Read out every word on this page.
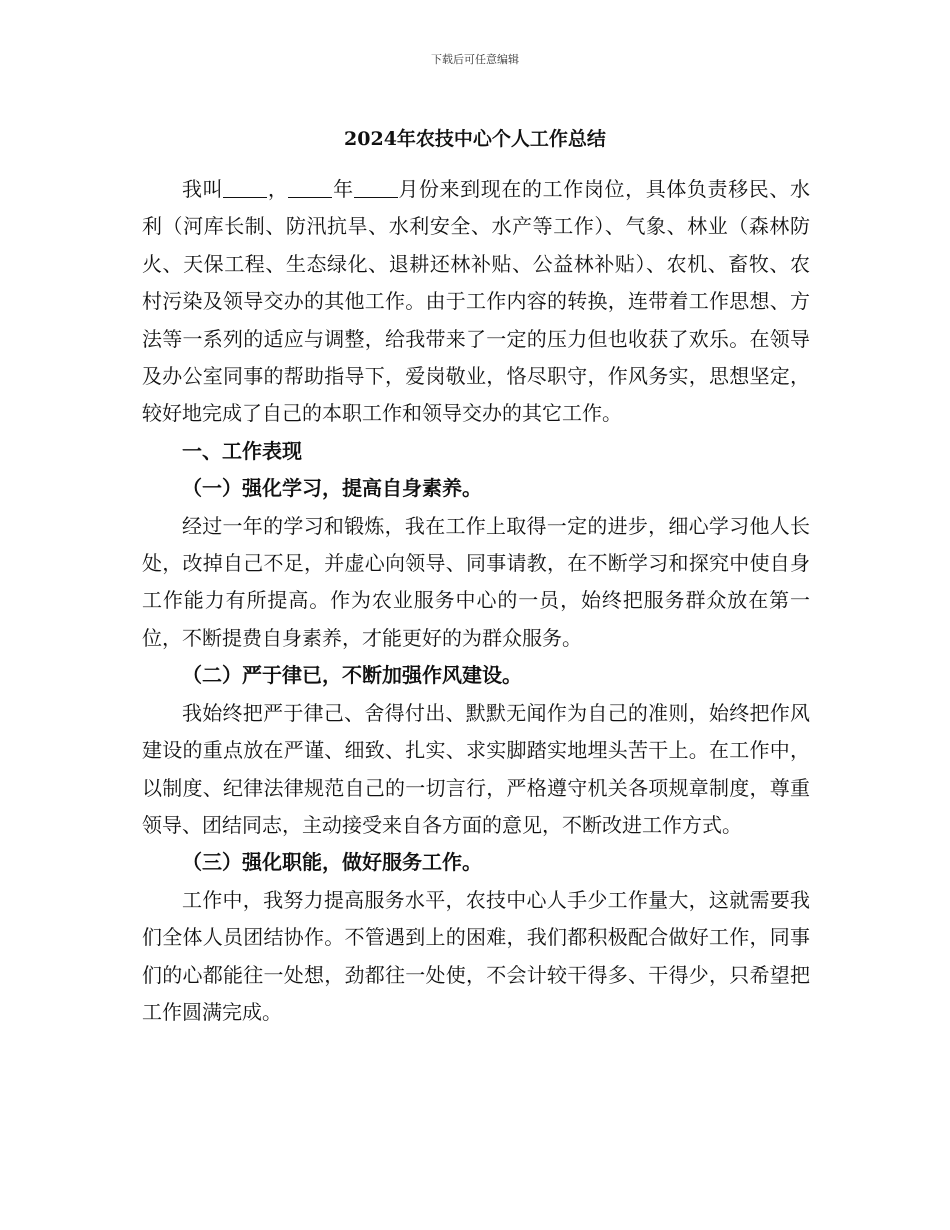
下载后可任意编辑
2024年农技中心个人工作总结

我叫 ， 年 月份来到现在的工作岗位，具体负责移民、水利（河库长制、防汛抗旱、水利安全、水产等工作）、气象、林业（森林防火、天保工程、生态绿化、退耕还林补贴、公益林补贴）、农机、畜牧、农村污染及领导交办的其他工作。由于工作内容的转换，连带着工作思想、方法等一系列的适应与调整，给我带来了一定的压力但也收获了欢乐。在领导及办公室同事的帮助指导下，爱岗敬业，恪尽职守，作风务实，思想坚定，较好地完成了自己的本职工作和领导交办的其它工作。

一、工作表现

（一）强化学习，提高自身素养。

经过一年的学习和锻炼，我在工作上取得一定的进步，细心学习他人长处，改掉自己不足，并虚心向领导、同事请教，在不断学习和探究中使自身工作能力有所提高。作为农业服务中心的一员，始终把服务群众放在第一位，不断提费自身素养，才能更好的为群众服务。

（二）严于律已，不断加强作风建设。

我始终把严于律己、舍得付出、默默无闻作为自己的准则，始终把作风建设的重点放在严谨、细致、扎实、求实脚踏实地埋头苦干上。在工作中，以制度、纪律法律规范自己的一切言行，严格遵守机关各项规章制度，尊重领导、团结同志，主动接受来自各方面的意见，不断改进工作方式。

（三）强化职能，做好服务工作。

工作中，我努力提高服务水平，农技中心人手少工作量大，这就需要我们全体人员团结协作。不管遇到上的困难，我们都积极配合做好工作，同事们的心都能往一处想，劲都往一处使，不会计较干得多、干得少，只希望把工作圆满完成。
